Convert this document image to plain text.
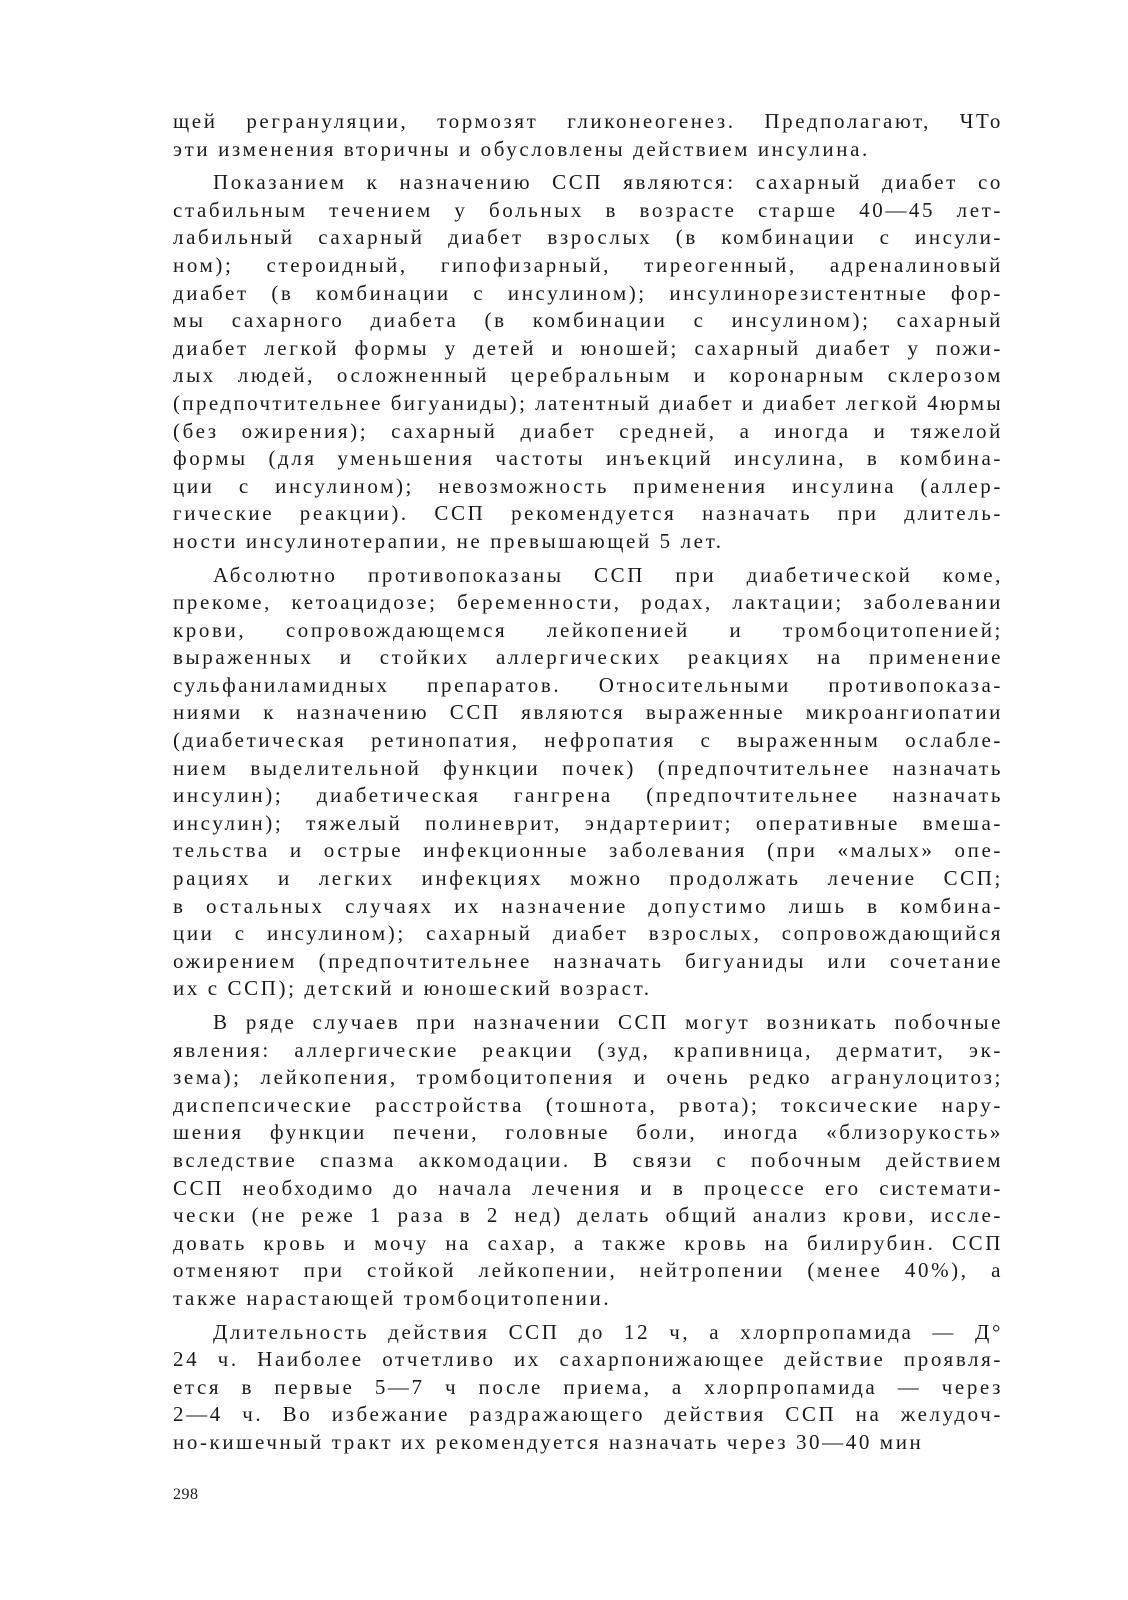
щей регрануляции, тормозят гликонеогенез. Предполагают, ЧТо
эти изменения вторичны и обусловлены действием инсулина.
Показанием к назначению ССП являются: сахарный диабет со
стабильным течением у больных в возрасте старше 40—45 лет-
лабильный сахарный диабет взрослых (в комбинации с инсули-
ном); стероидный, гипофизарный, тиреогенный, адреналиновый
диабет (в комбинации с инсулином); инсулинорезистентные фор-
мы сахарного диабета (в комбинации с инсулином); сахарный
диабет легкой формы у детей и юношей; сахарный диабет у пожи-
лых людей, осложненный церебральным и коронарным склерозом
(предпочтительнее бигуаниды); латентный диабет и диабет легкой 4юрмы
(без ожирения); сахарный диабет средней, а иногда и тяжелой
формы (для уменьшения частоты инъекций инсулина, в комбина-
ции с инсулином); невозможность применения инсулина (аллер-
гические реакции). ССП рекомендуется назначать при длитель-
ности инсулинотерапии, не превышающей 5 лет.
Абсолютно противопоказаны ССП при диабетической коме,
прекоме, кетоацидозе; беременности, родах, лактации; заболевании
крови, сопровождающемся лейкопенией и тромбоцитопенией;
выраженных и стойких аллергических реакциях на применение
сульфаниламидных препаратов. Относительными противопоказа-
ниями к назначению ССП являются выраженные микроангиопатии
(диабетическая ретинопатия, нефропатия с выраженным ослабле-
нием выделительной функции почек) (предпочтительнее назначать
инсулин); диабетическая гангрена (предпочтительнее назначать
инсулин); тяжелый полиневрит, эндартериит; оперативные вмеша-
тельства и острые инфекционные заболевания (при «малых» опе-
рациях и легких инфекциях можно продолжать лечение ССП;
в остальных случаях их назначение допустимо лишь в комбина-
ции с инсулином); сахарный диабет взрослых, сопровождающийся
ожирением (предпочтительнее назначать бигуаниды или сочетание
их с ССП); детский и юношеский возраст.
В ряде случаев при назначении ССП могут возникать побочные
явления: аллергические реакции (зуд, крапивница, дерматит, эк-
зема); лейкопения, тромбоцитопения и очень редко агранулоцитоз;
диспепсические расстройства (тошнота, рвота); токсические нару-
шения функции печени, головные боли, иногда «близорукость»
вследствие спазма аккомодации. В связи с побочным действием
ССП необходимо до начала лечения и в процессе его системати-
чески (не реже 1 раза в 2 нед) делать общий анализ крови, иссле-
довать кровь и мочу на сахар, а также кровь на билирубин. ССП
отменяют при стойкой лейкопении, нейтропении (менее 40%), а
также нарастающей тромбоцитопении.
Длительность действия ССП до 12 ч, а хлорпропамида — Д°
24 ч. Наиболее отчетливо их сахарпонижающее действие проявля-
ется в первые 5—7 ч после приема, а хлорпропамида — через
2—4 ч. Во избежание раздражающего действия ССП на желудоч-
но-кишечный тракт их рекомендуется назначать через 30—40 мин
298
